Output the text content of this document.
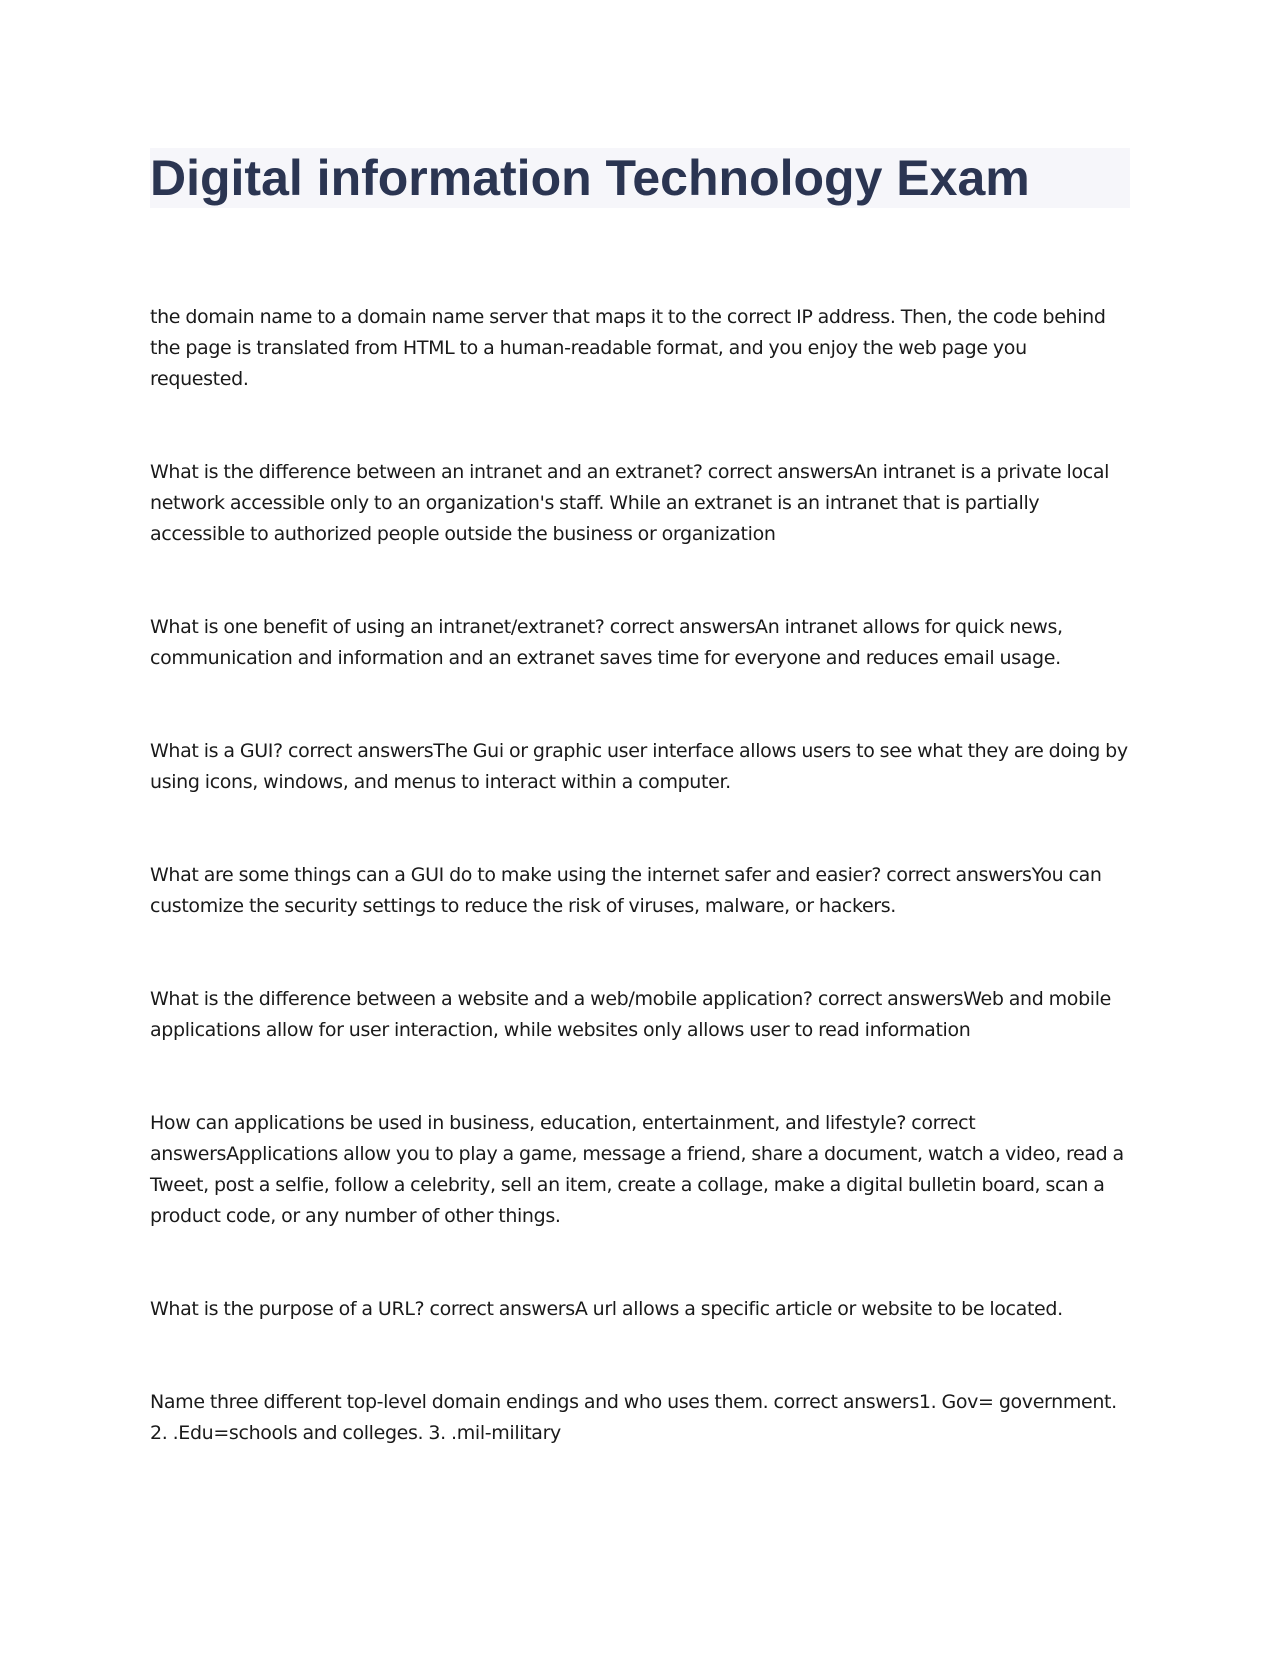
Digital information Technology Exam

the domain name to a domain name server that maps it to the correct IP address. Then, the code behind the page is translated from HTML to a human-readable format, and you enjoy the web page you requested.

What is the difference between an intranet and an extranet? correct answersAn intranet is a private local network accessible only to an organization's staff. While an extranet is an intranet that is partially accessible to authorized people outside the business or organization

What is one benefit of using an intranet/extranet? correct answersAn intranet allows for quick news, communication and information and an extranet saves time for everyone and reduces email usage.

What is a GUI? correct answersThe Gui or graphic user interface allows users to see what they are doing by using icons, windows, and menus to interact within a computer.

What are some things can a GUI do to make using the internet safer and easier? correct answersYou can customize the security settings to reduce the risk of viruses, malware, or hackers.

What is the difference between a website and a web/mobile application? correct answersWeb and mobile applications allow for user interaction, while websites only allows user to read information

How can applications be used in business, education, entertainment, and lifestyle? correct answersApplications allow you to play a game, message a friend, share a document, watch a video, read a Tweet, post a selfie, follow a celebrity, sell an item, create a collage, make a digital bulletin board, scan a product code, or any number of other things.

What is the purpose of a URL? correct answersA url allows a specific article or website to be located.

Name three different top-level domain endings and who uses them. correct answers1. Gov= government. 2. .Edu=schools and colleges. 3. .mil-military
